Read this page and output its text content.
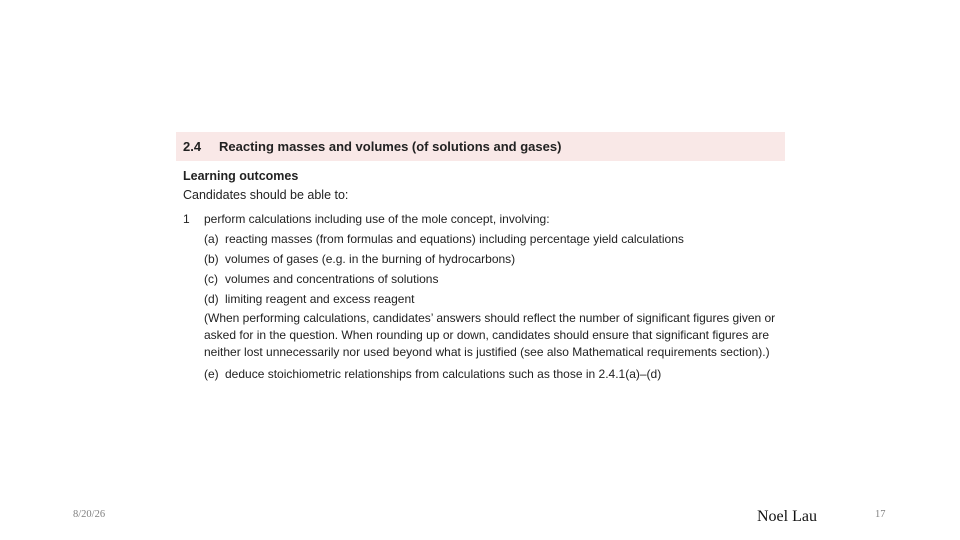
2.4	Reacting masses and volumes (of solutions and gases)
Learning outcomes
Candidates should be able to:
1	perform calculations including use of the mole concept, involving:
(a) reacting masses (from formulas and equations) including percentage yield calculations
(b) volumes of gases (e.g. in the burning of hydrocarbons)
(c) volumes and concentrations of solutions
(d) limiting reagent and excess reagent
(When performing calculations, candidates’ answers should reflect the number of significant figures given or asked for in the question. When rounding up or down, candidates should ensure that significant figures are neither lost unnecessarily nor used beyond what is justified (see also Mathematical requirements section).)
(e) deduce stoichiometric relationships from calculations such as those in 2.4.1(a)–(d)
8/20/26	Noel Lau	17
